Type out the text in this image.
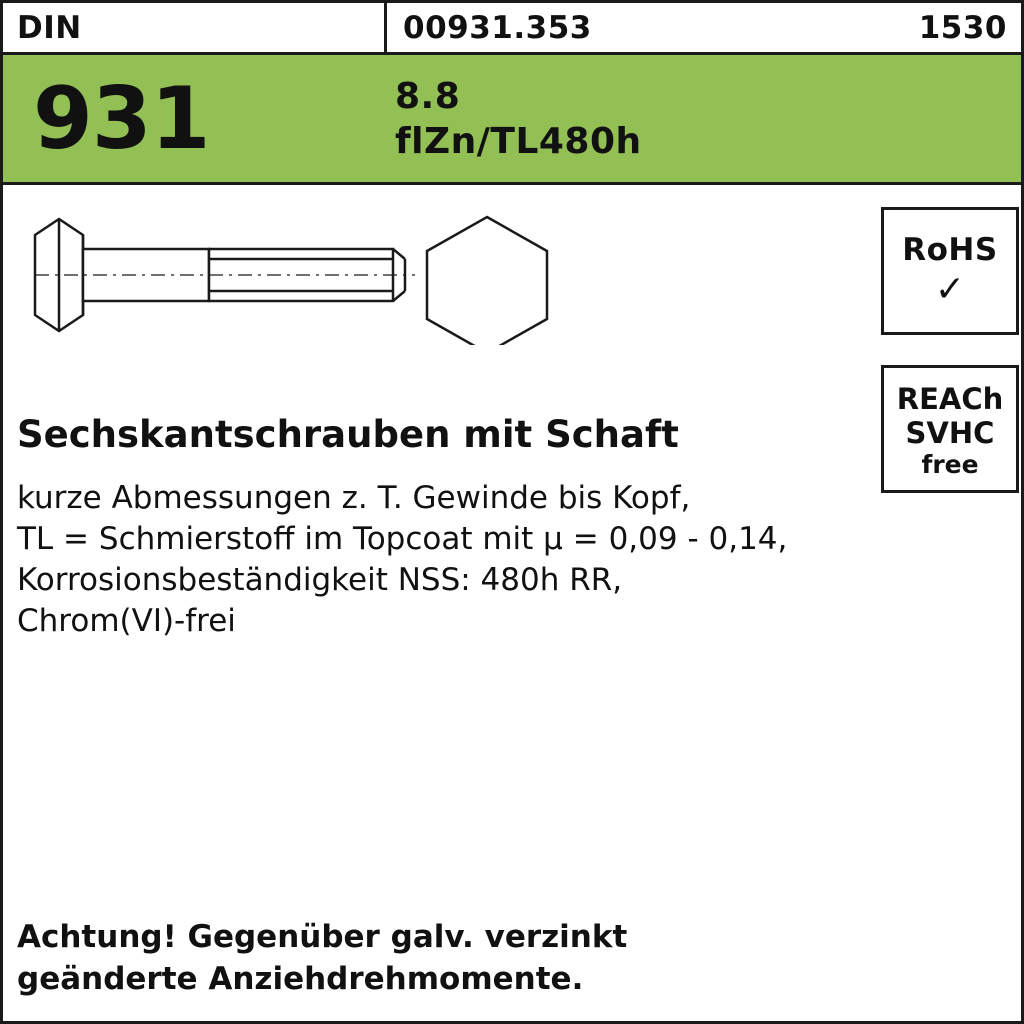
DIN	00931.353	1530
931	8.8
flZn/TL480h
RoHS
✓
REACh
SVHC
free
Sechskantschrauben mit Schaft
kurze Abmessungen z. T. Gewinde bis Kopf,
TL = Schmierstoff im Topcoat mit µ = 0,09 - 0,14,
Korrosionsbeständigkeit NSS: 480h RR,
Chrom(VI)-frei
Achtung! Gegenüber galv. verzinkt
geänderte Anziehdrehmomente.
